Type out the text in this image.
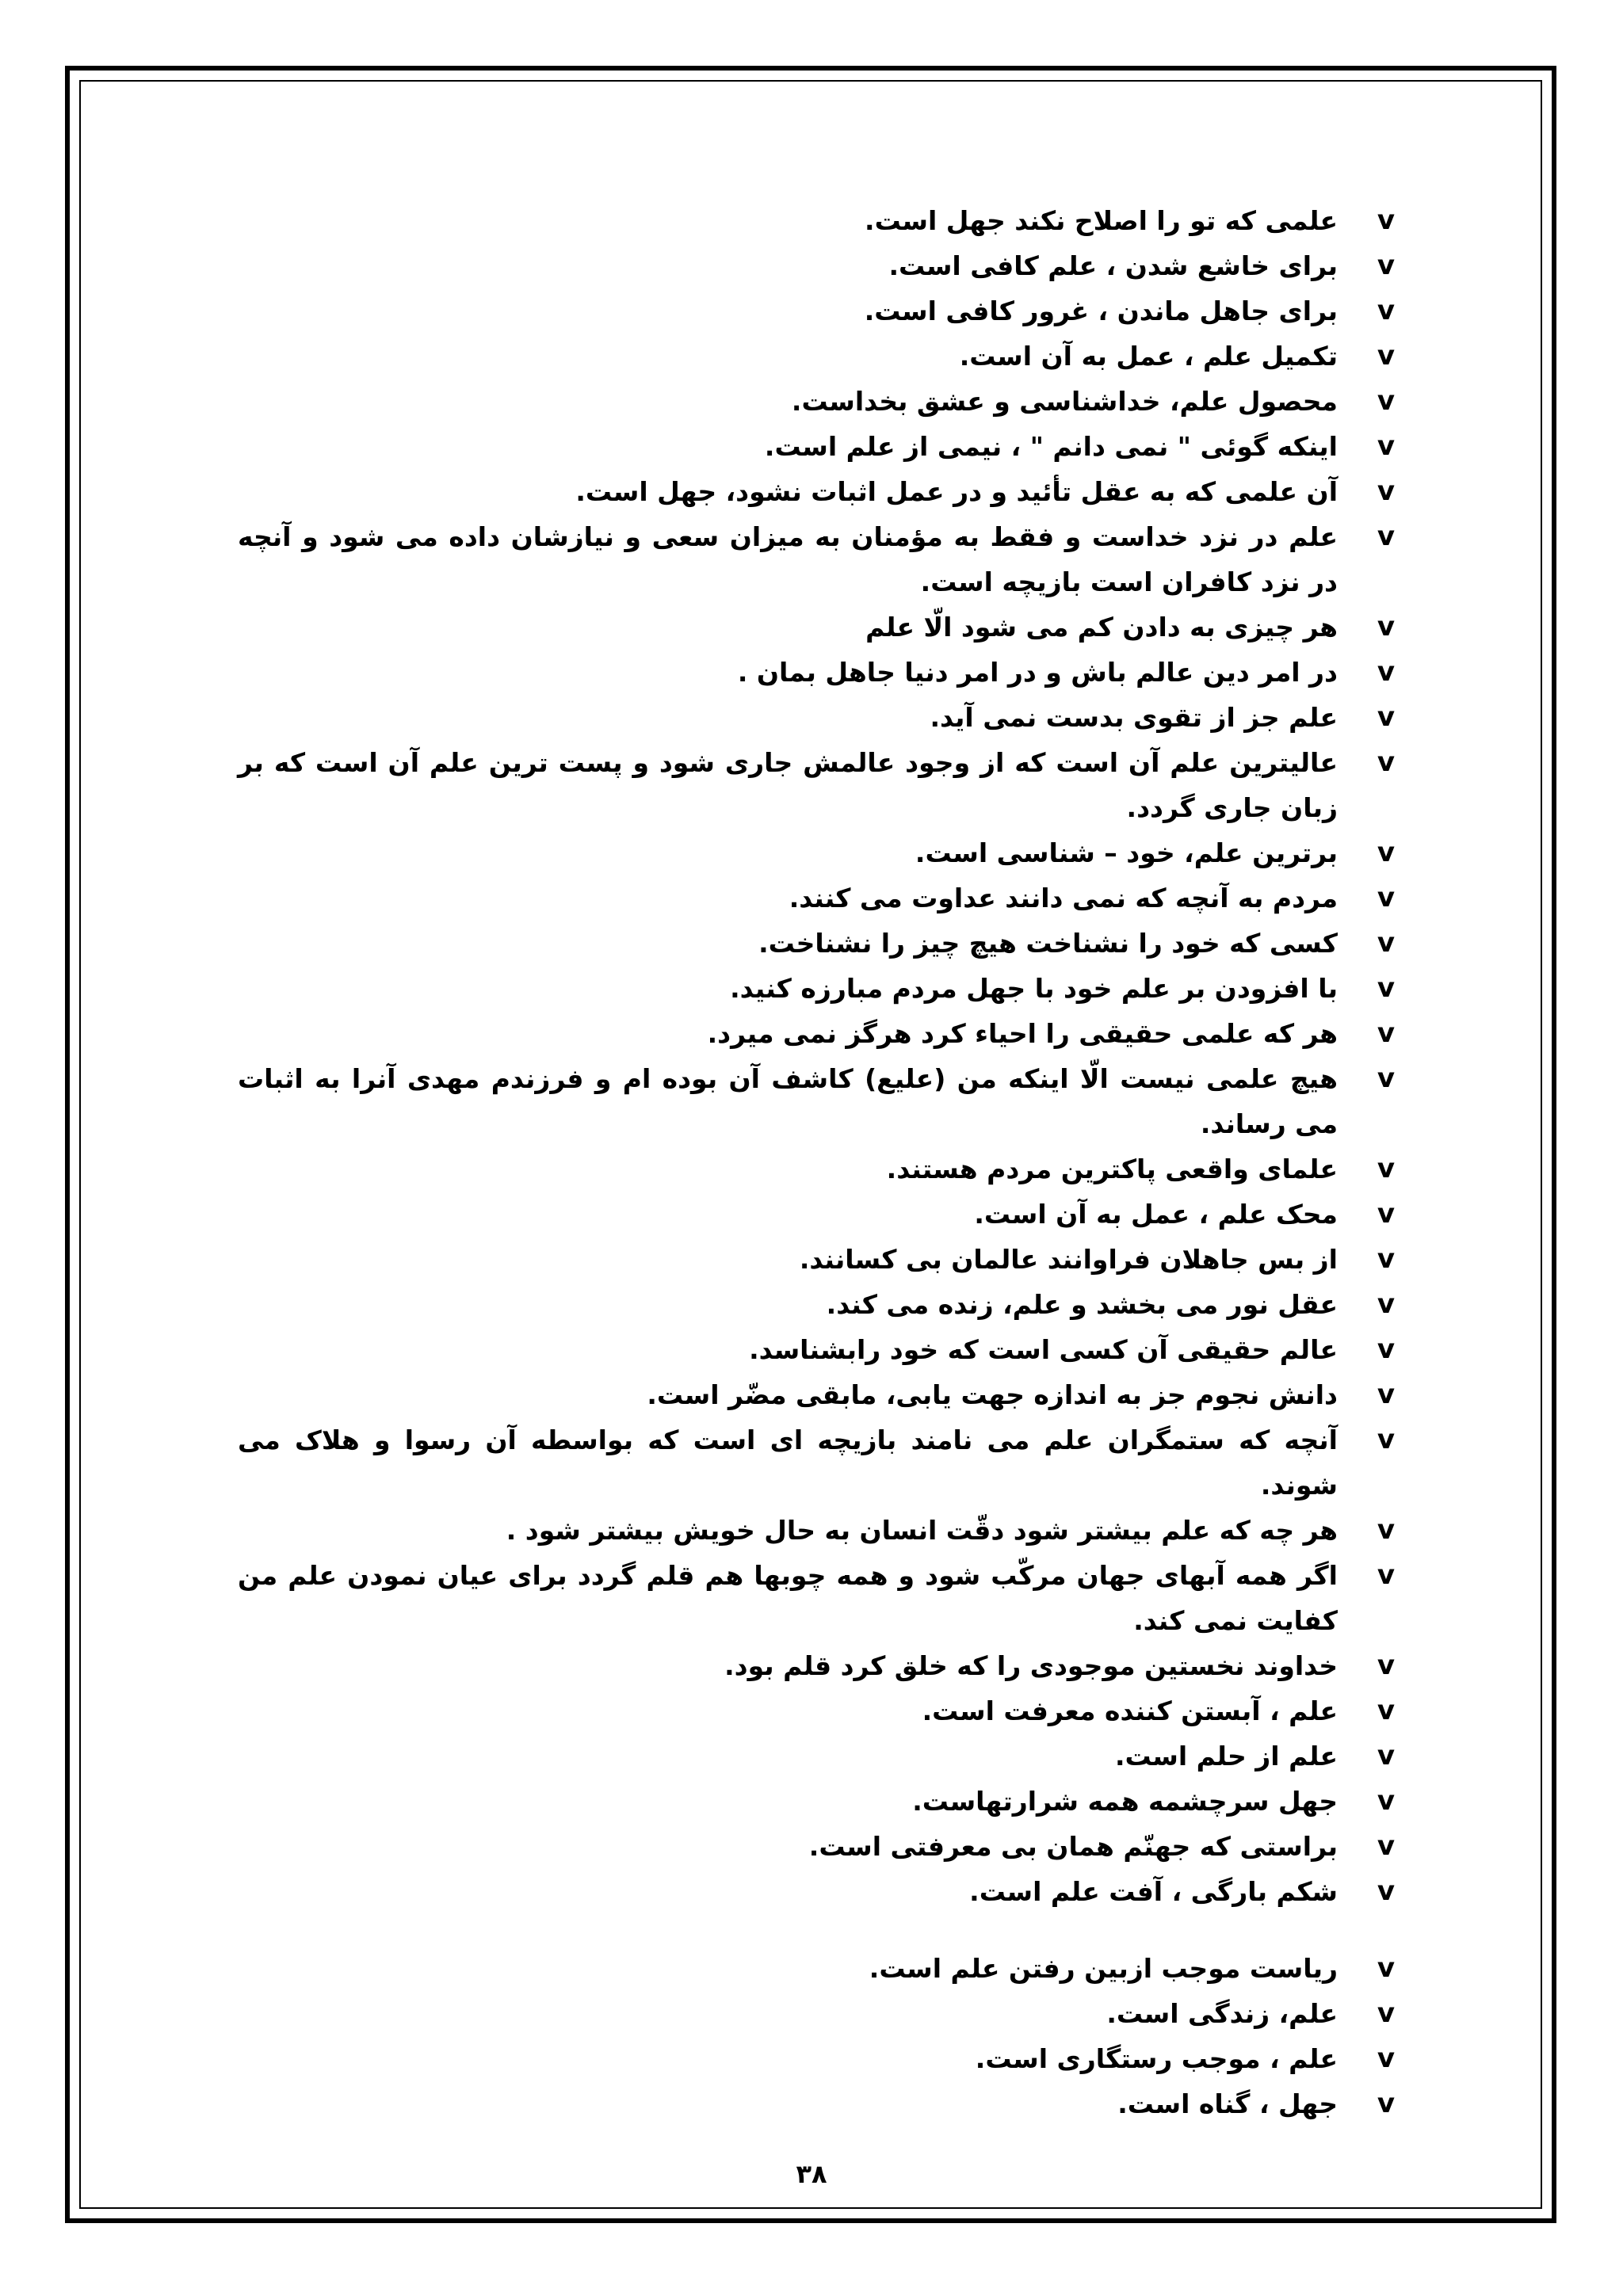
v
علمی که تو را اصلاح نکند جهل است.
v
برای خاشع شدن ، علم کافی است.
v
برای جاهل ماندن ، غرور کافی است.
v
تکمیل علم ، عمل به آن است.
v
محصول علم، خداشناسی و عشق بخداست.
v
اینکه گوئی " نمی دانم " ، نیمی از علم است.
v
آن علمی که به عقل تأئید و در عمل اثبات نشود، جهل است.
v
علم در نزد خداست و فقط به مؤمنان به میزان سعی و نیازشان داده می شود و آنچه در نزد کافران است بازیچه است.
v
هر چیزی به دادن کم می شود الّا علم
v
در امر دین عالم باش و در امر دنیا جاهل بمان .
v
علم جز از تقوی بدست نمی آید.
v
عالیترین علم آن است که از وجود عالمش جاری شود و پست ترین علم آن است که بر زبان جاری گردد.
v
برترین علم، خود – شناسی است.
v
مردم به آنچه که نمی دانند عداوت می کنند.
v
کسی که خود را نشناخت هیچ چیز را نشناخت.
v
با افزودن بر علم خود با جهل مردم مبارزه کنید.
v
هر که علمی حقیقی را احیاء کرد هرگز نمی میرد.
v
هیچ علمی نیست الّا اینکه من (علیع) کاشف آن بوده ام و فرزندم مهدی آنرا به اثبات می رساند.
v
علمای واقعی پاکترین مردم هستند.
v
محک علم ، عمل به آن است.
v
از بس جاهلان فراوانند عالمان بی کسانند.
v
عقل نور می بخشد و علم، زنده می کند.
v
عالم حقیقی آن کسی است که خود رابشناسد.
v
دانش نجوم جز به اندازه جهت یابی، مابقی مضّر است.
v
آنچه که ستمگران علم می نامند بازیچه ای است که بواسطه آن رسوا و هلاک می شوند.
v
هر چه که علم بیشتر شود دقّت انسان به حال خویش بیشتر شود .
v
اگر همه آبهای جهان مرکّب شود و همه چوبها هم قلم گردد برای عیان نمودن علم من کفایت نمی کند.
v
خداوند نخستین موجودی را که خلق کرد قلم بود.
v
علم ، آبستن کننده معرفت است.
v
علم از حلم است.
v
جهل سرچشمه همه شرارتهاست.
v
براستی که جهنّم همان بی معرفتی است.
v
شکم بارگی ، آفت علم است.
v
ریاست موجب ازبین رفتن علم است.
v
علم، زندگی است.
v
علم ، موجب رستگاری است.
v
جهل ، گناه است.
۳۸
